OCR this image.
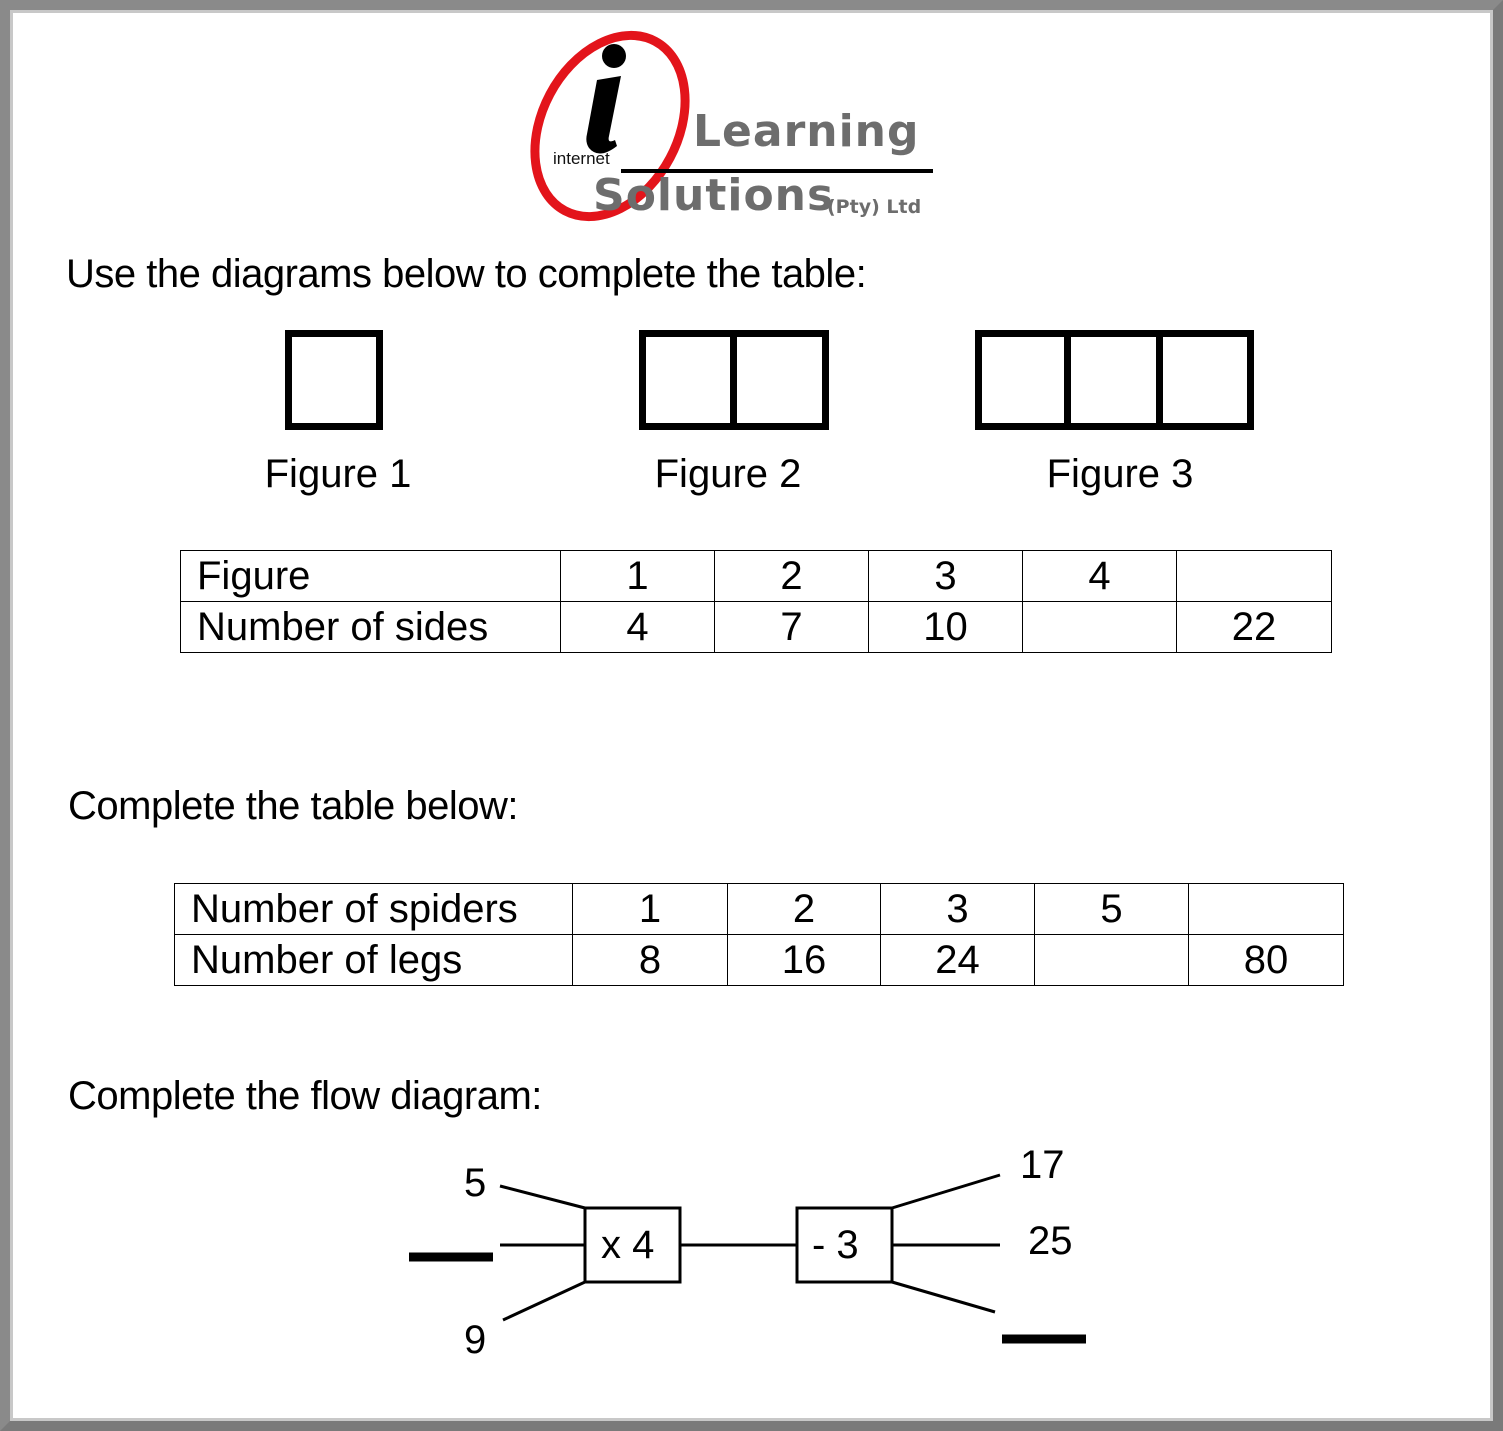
internet
Learning
Solutions
(Pty) Ltd
Use the diagrams below to complete the table:
Figure 1	Figure 2	Figure 3
Figure	1	2	3	4	
Number of sides	4	7	10		22
Complete the table below:
Number of spiders	1	2	3	5	
Number of legs	8	16	24		80
Complete the flow diagram:
5
9
x 4	- 3
17
25
